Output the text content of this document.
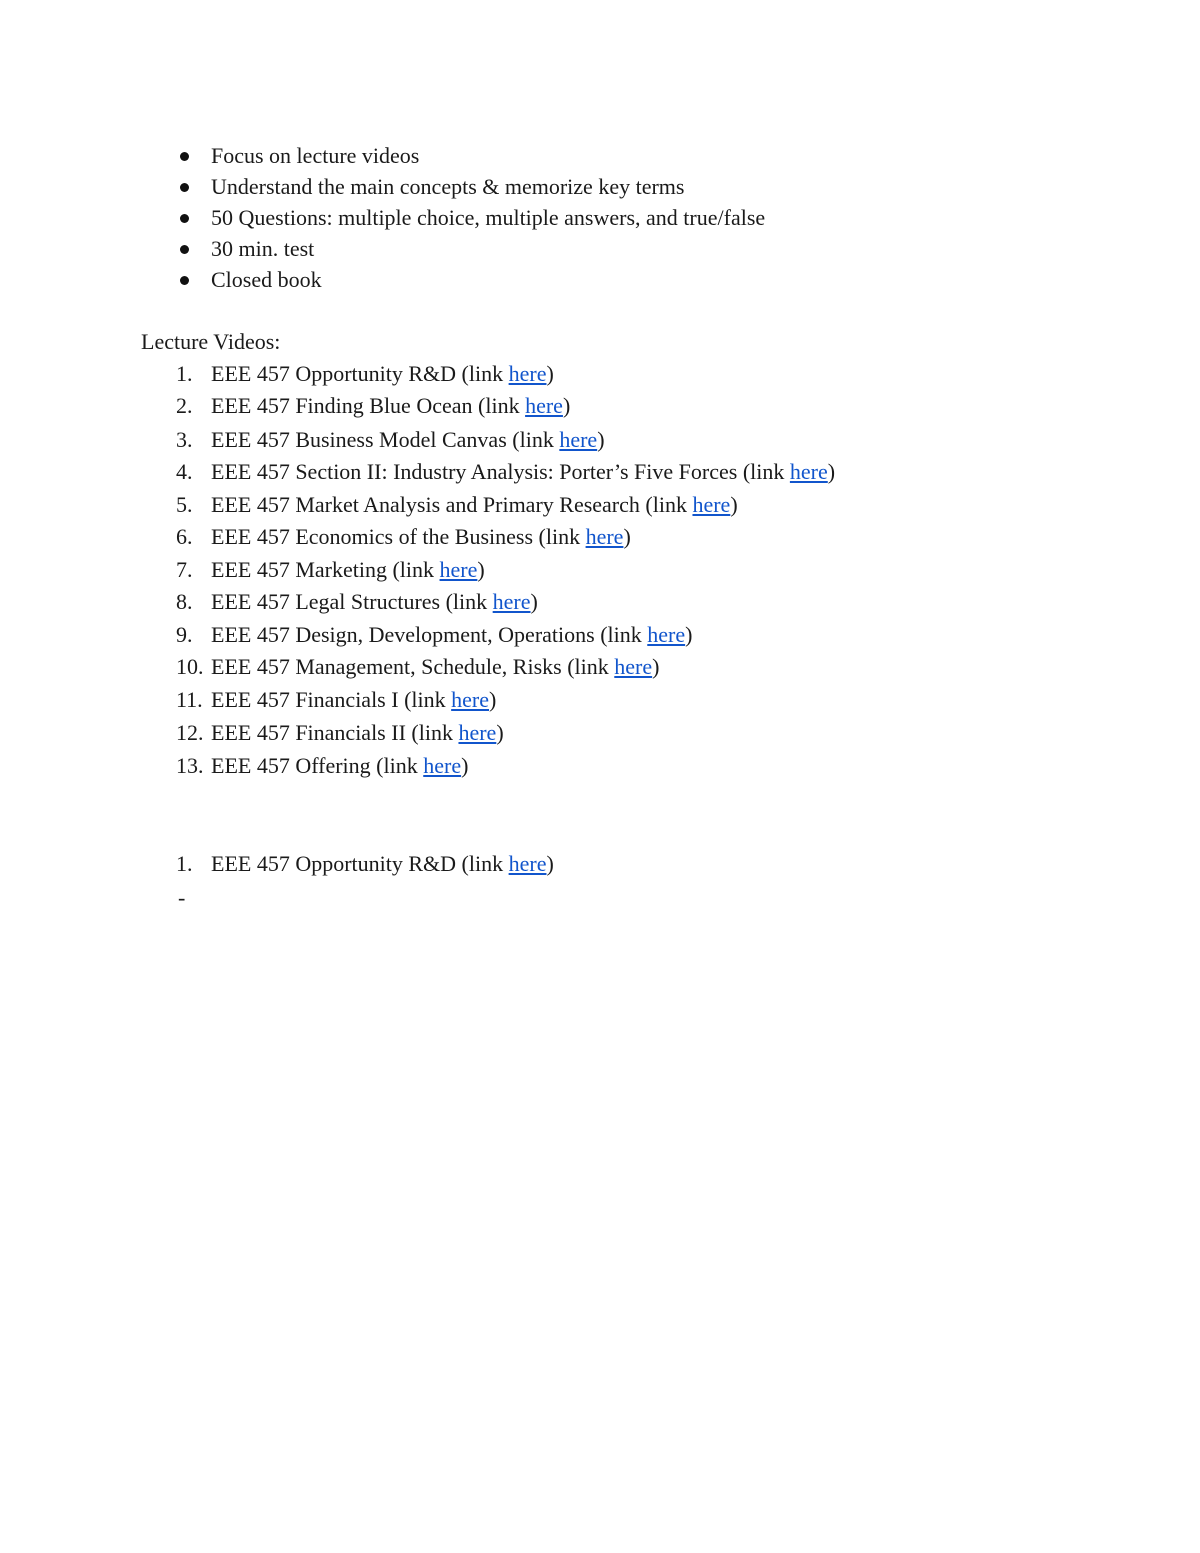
Focus on lecture videos
Understand the main concepts & memorize key terms
50 Questions: multiple choice, multiple answers, and true/false
30 min. test
Closed book
Lecture Videos:
1. EEE 457 Opportunity R&D (link here)
2. EEE 457 Finding Blue Ocean (link here)
3. EEE 457 Business Model Canvas (link here)
4. EEE 457 Section II: Industry Analysis: Porter’s Five Forces (link here)
5. EEE 457 Market Analysis and Primary Research (link here)
6. EEE 457 Economics of the Business (link here)
7. EEE 457 Marketing (link here)
8. EEE 457 Legal Structures (link here)
9. EEE 457 Design, Development, Operations (link here)
10. EEE 457 Management, Schedule, Risks (link here)
11. EEE 457 Financials I (link here)
12. EEE 457 Financials II (link here)
13. EEE 457 Offering (link here)
1. EEE 457 Opportunity R&D (link here)
-
